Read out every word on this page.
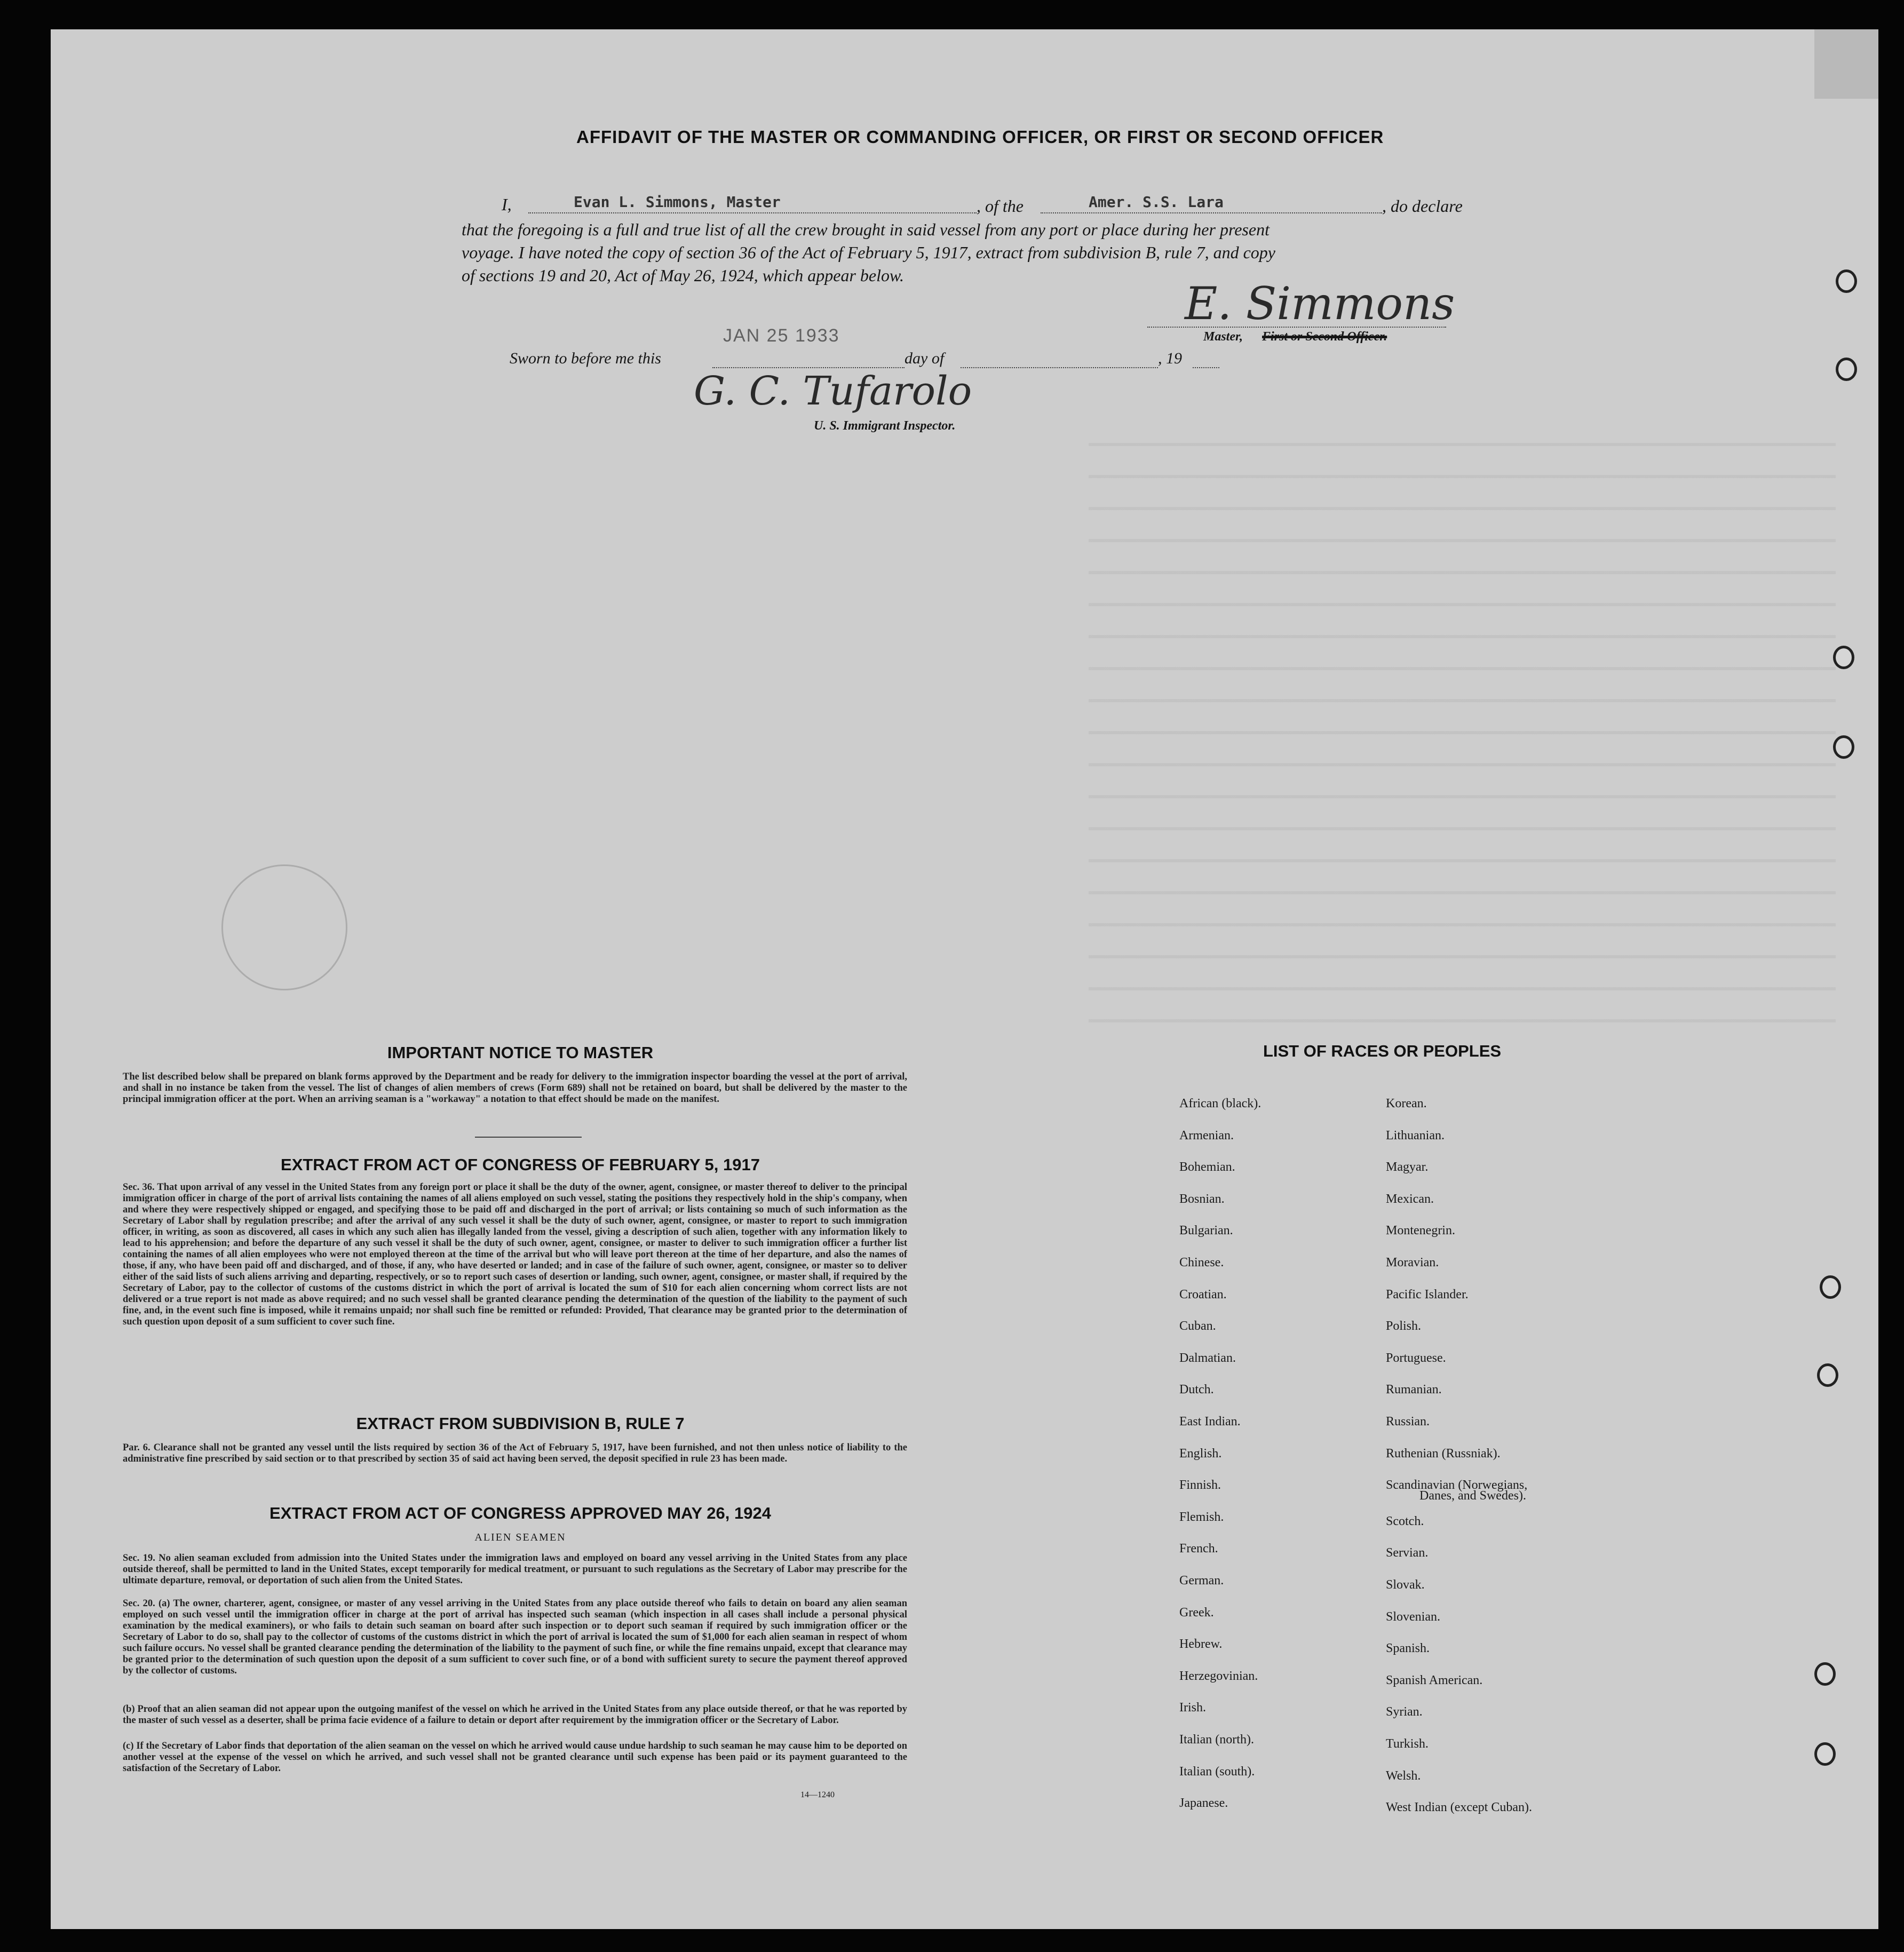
AFFIDAVIT OF THE MASTER OR COMMANDING OFFICER, OR FIRST OR SECOND OFFICER
I,	Evan L. Simmons, Master	, of the	Amer. S.S. Lara	, do declare
that the foregoing is a full and true list of all the crew brought in said vessel from any port or place during her present
voyage. I have noted the copy of section 36 of the Act of February 5, 1917, extract from subdivision B, rule 7, and copy
of sections 19 and 20, Act of May 26, 1924, which appear below.
E. Simmons
Master, First or Second Officer.
JAN 25 1933
Sworn to before me this	day of	, 19
G. C. Tufarolo
U. S. Immigrant Inspector.
IMPORTANT NOTICE TO MASTER
The list described below shall be prepared on blank forms approved by the Department and be ready for delivery to the immigration inspector boarding the vessel at the port of arrival, and shall in no instance be taken from the vessel. The list of changes of alien members of crews (Form 689) shall not be retained on board, but shall be delivered by the master to the principal immigration officer at the port. When an arriving seaman is a "workaway" a notation to that effect should be made on the manifest.
EXTRACT FROM ACT OF CONGRESS OF FEBRUARY 5, 1917
Sec. 36. That upon arrival of any vessel in the United States from any foreign port or place it shall be the duty of the owner, agent, consignee, or master thereof to deliver to the principal immigration officer in charge of the port of arrival lists containing the names of all aliens employed on such vessel, stating the positions they respectively hold in the ship's company, when and where they were respectively shipped or engaged, and specifying those to be paid off and discharged in the port of arrival; or lists containing so much of such information as the Secretary of Labor shall by regulation prescribe; and after the arrival of any such vessel it shall be the duty of such owner, agent, consignee, or master to report to such immigration officer, in writing, as soon as discovered, all cases in which any such alien has illegally landed from the vessel, giving a description of such alien, together with any information likely to lead to his apprehension; and before the departure of any such vessel it shall be the duty of such owner, agent, consignee, or master to deliver to such immigration officer a further list containing the names of all alien employees who were not employed thereon at the time of the arrival but who will leave port thereon at the time of her departure, and also the names of those, if any, who have been paid off and discharged, and of those, if any, who have deserted or landed; and in case of the failure of such owner, agent, consignee, or master so to deliver either of the said lists of such aliens arriving and departing, respectively, or so to report such cases of desertion or landing, such owner, agent, consignee, or master shall, if required by the Secretary of Labor, pay to the collector of customs of the customs district in which the port of arrival is located the sum of $10 for each alien concerning whom correct lists are not delivered or a true report is not made as above required; and no such vessel shall be granted clearance pending the determination of the question of the liability to the payment of such fine, and, in the event such fine is imposed, while it remains unpaid; nor shall such fine be remitted or refunded: Provided, That clearance may be granted prior to the determination of such question upon deposit of a sum sufficient to cover such fine.
EXTRACT FROM SUBDIVISION B, RULE 7
Par. 6. Clearance shall not be granted any vessel until the lists required by section 36 of the Act of February 5, 1917, have been furnished, and not then unless notice of liability to the administrative fine prescribed by said section or to that prescribed by section 35 of said act having been served, the deposit specified in rule 23 has been made.
EXTRACT FROM ACT OF CONGRESS APPROVED MAY 26, 1924
ALIEN SEAMEN
Sec. 19. No alien seaman excluded from admission into the United States under the immigration laws and employed on board any vessel arriving in the United States from any place outside thereof, shall be permitted to land in the United States, except temporarily for medical treatment, or pursuant to such regulations as the Secretary of Labor may prescribe for the ultimate departure, removal, or deportation of such alien from the United States.
Sec. 20. (a) The owner, charterer, agent, consignee, or master of any vessel arriving in the United States from any place outside thereof who fails to detain on board any alien seaman employed on such vessel until the immigration officer in charge at the port of arrival has inspected such seaman (which inspection in all cases shall include a personal physical examination by the medical examiners), or who fails to detain such seaman on board after such inspection or to deport such seaman if required by such immigration officer or the Secretary of Labor to do so, shall pay to the collector of customs of the customs district in which the port of arrival is located the sum of $1,000 for each alien seaman in respect of whom such failure occurs. No vessel shall be granted clearance pending the determination of the liability to the payment of such fine, or while the fine remains unpaid, except that clearance may be granted prior to the determination of such question upon the deposit of a sum sufficient to cover such fine, or of a bond with sufficient surety to secure the payment thereof approved by the collector of customs.
(b) Proof that an alien seaman did not appear upon the outgoing manifest of the vessel on which he arrived in the United States from any place outside thereof, or that he was reported by the master of such vessel as a deserter, shall be prima facie evidence of a failure to detain or deport after requirement by the immigration officer or the Secretary of Labor.
(c) If the Secretary of Labor finds that deportation of the alien seaman on the vessel on which he arrived would cause undue hardship to such seaman he may cause him to be deported on another vessel at the expense of the vessel on which he arrived, and such vessel shall not be granted clearance until such expense has been paid or its payment guaranteed to the satisfaction of the Secretary of Labor.
14—1240
LIST OF RACES OR PEOPLES
African (black).
Armenian.
Bohemian.
Bosnian.
Bulgarian.
Chinese.
Croatian.
Cuban.
Dalmatian.
Dutch.
East Indian.
English.
Finnish.
Flemish.
French.
German.
Greek.
Hebrew.
Herzegovinian.
Irish.
Italian (north).
Italian (south).
Japanese.
Korean.
Lithuanian.
Magyar.
Mexican.
Montenegrin.
Moravian.
Pacific Islander.
Polish.
Portuguese.
Rumanian.
Russian.
Ruthenian (Russniak).
Scandinavian (Norwegians,
Scotch.
Servian.
Slovak.
Slovenian.
Spanish.
Spanish American.
Syrian.
Turkish.
Welsh.
West Indian (except Cuban).
Danes, and Swedes).
